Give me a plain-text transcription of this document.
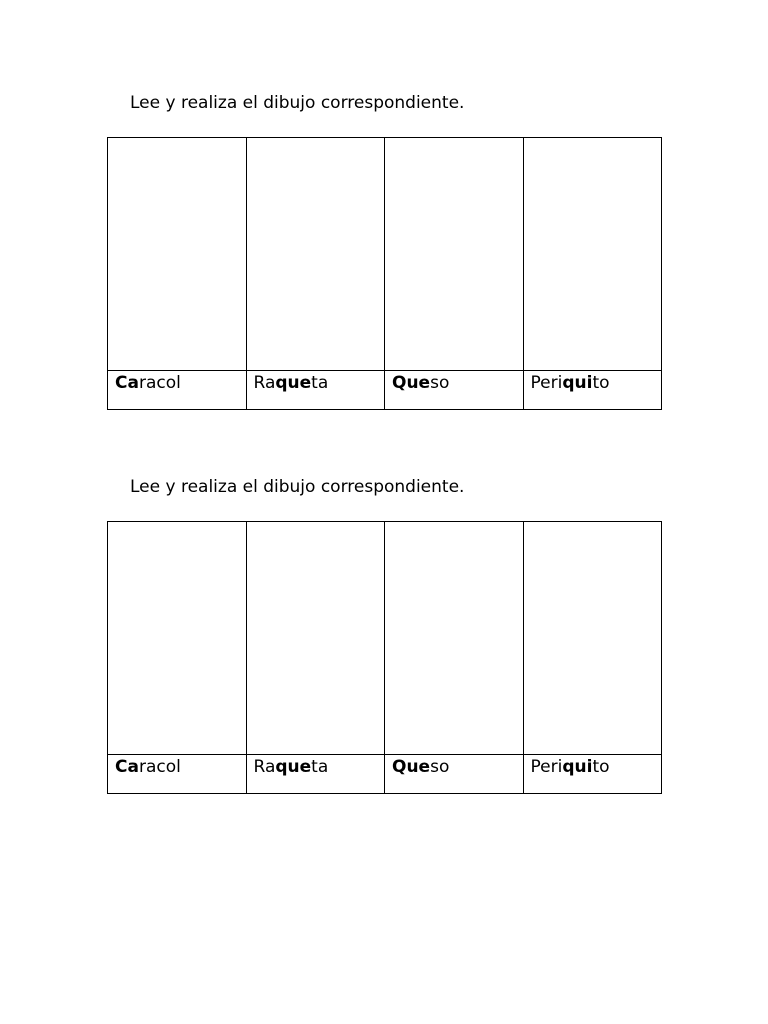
Lee y realiza el dibujo correspondiente.

Caracol	Raqueta	Queso	Periquito
Lee y realiza el dibujo correspondiente.

Caracol	Raqueta	Queso	Periquito
